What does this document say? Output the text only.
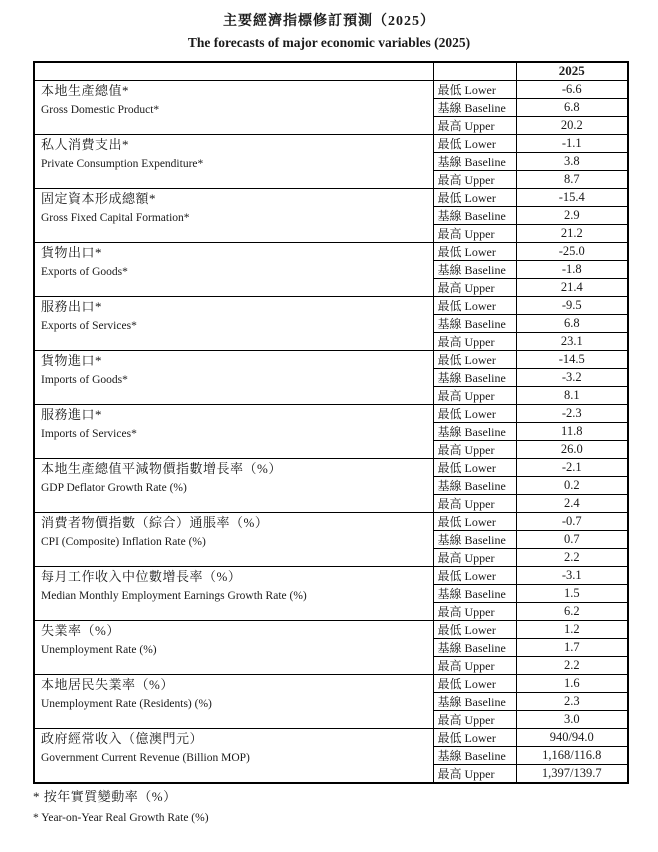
主要經濟指標修訂預測（2025）
The forecasts of major economic variables (2025)
		2025

本地生產總值*
Gross Domestic Product*	最低 Lower	-6.6
	基線 Baseline	6.8
	最高 Upper	20.2

私人消費支出*
Private Consumption Expenditure*	最低 Lower	-1.1
	基線 Baseline	3.8
	最高 Upper	8.7

固定資本形成總額*
Gross Fixed Capital Formation*	最低 Lower	-15.4
	基線 Baseline	2.9
	最高 Upper	21.2

貨物出口*
Exports of Goods*	最低 Lower	-25.0
	基線 Baseline	-1.8
	最高 Upper	21.4

服務出口*
Exports of Services*	最低 Lower	-9.5
	基線 Baseline	6.8
	最高 Upper	23.1

貨物進口*
Imports of Goods*	最低 Lower	-14.5
	基線 Baseline	-3.2
	最高 Upper	8.1

服務進口*
Imports of Services*	最低 Lower	-2.3
	基線 Baseline	11.8
	最高 Upper	26.0

本地生產總值平減物價指數增長率（%）
GDP Deflator Growth Rate (%)	最低 Lower	-2.1
	基線 Baseline	0.2
	最高 Upper	2.4

消費者物價指數（綜合）通脹率（%）
CPI (Composite) Inflation Rate (%)	最低 Lower	-0.7
	基線 Baseline	0.7
	最高 Upper	2.2

每月工作收入中位數增長率（%）
Median Monthly Employment Earnings Growth Rate (%)	最低 Lower	-3.1
	基線 Baseline	1.5
	最高 Upper	6.2

失業率（%）
Unemployment Rate (%)	最低 Lower	1.2
	基線 Baseline	1.7
	最高 Upper	2.2

本地居民失業率（%）
Unemployment Rate (Residents) (%)	最低 Lower	1.6
	基線 Baseline	2.3
	最高 Upper	3.0

政府經常收入（億澳門元）
Government Current Revenue (Billion MOP)	最低 Lower	940/94.0
	基線 Baseline	1,168/116.8
	最高 Upper	1,397/139.7
* 按年實質變動率（%）
* Year-on-Year Real Growth Rate (%)
